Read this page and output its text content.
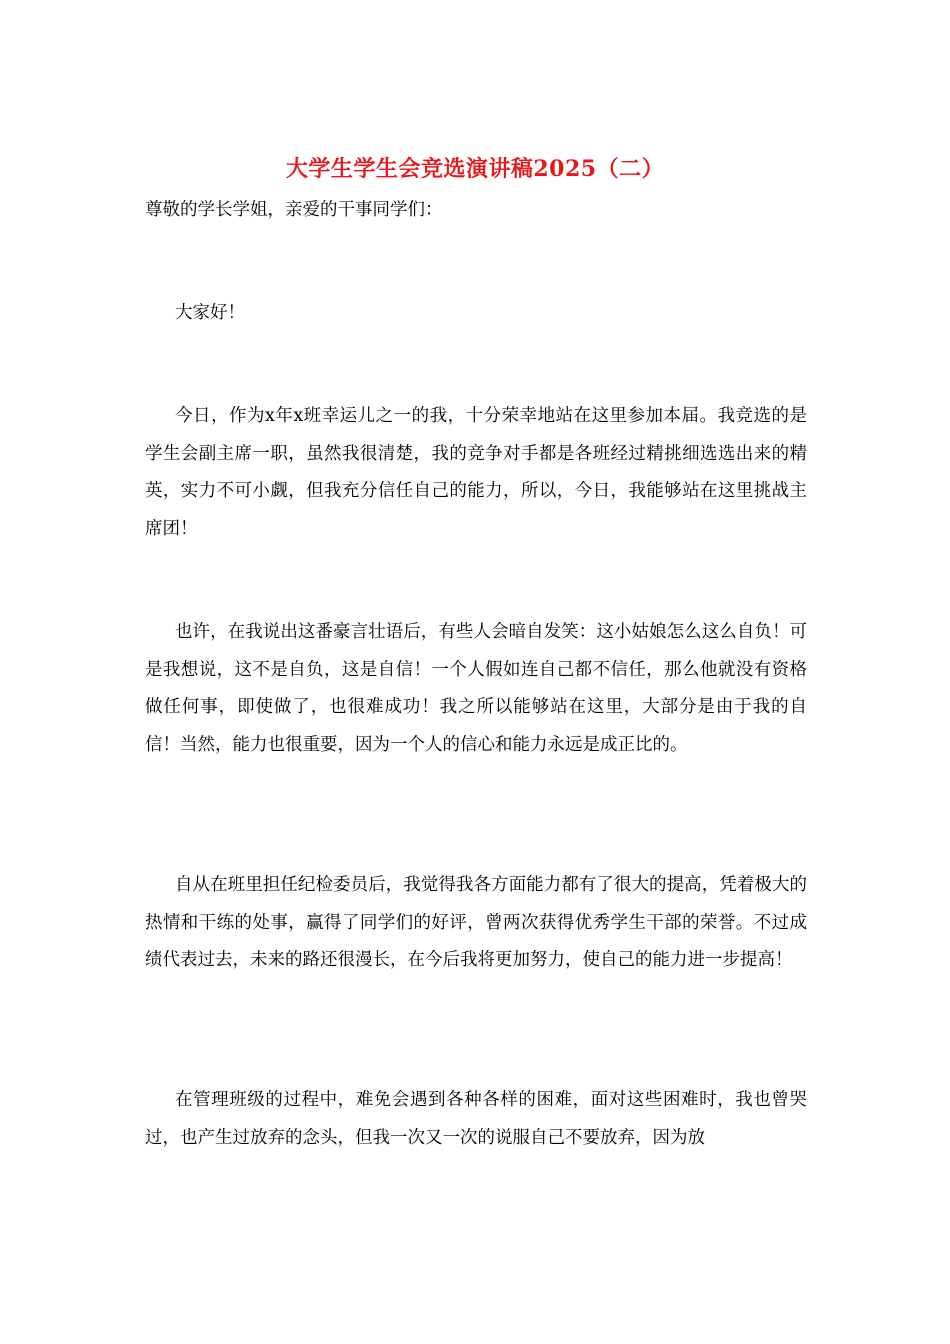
大学生学生会竞选演讲稿2025（二）

尊敬的学长学姐，亲爱的干事同学们：

大家好！

今日，作为x年x班幸运儿之一的我，十分荣幸地站在这里参加本届。我竞选的是学生会副主席一职，虽然我很清楚，我的竞争对手都是各班经过精挑细选选出来的精英，实力不可小觑，但我充分信任自己的能力，所以，今日，我能够站在这里挑战主席团！

也许，在我说出这番豪言壮语后，有些人会暗自发笑：这小姑娘怎么这么自负！可是我想说，这不是自负，这是自信！一个人假如连自己都不信任，那么他就没有资格做任何事，即使做了，也很难成功！我之所以能够站在这里，大部分是由于我的自信！当然，能力也很重要，因为一个人的信心和能力永远是成正比的。

自从在班里担任纪检委员后，我觉得我各方面能力都有了很大的提高，凭着极大的热情和干练的处事，赢得了同学们的好评，曾两次获得优秀学生干部的荣誉。不过成绩代表过去，未来的路还很漫长，在今后我将更加努力，使自己的能力进一步提高！

在管理班级的过程中，难免会遇到各种各样的困难，面对这些困难时，我也曾哭过，也产生过放弃的念头，但我一次又一次的说服自己不要放弃，因为放
